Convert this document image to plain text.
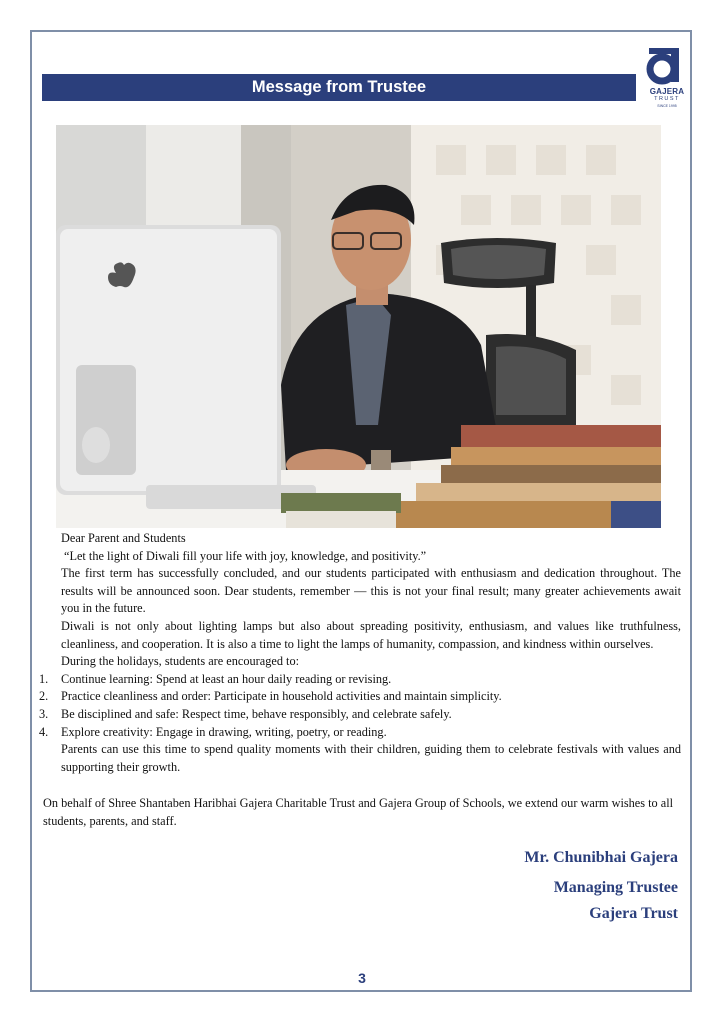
Message from Trustee	GAJERA
TRUST
SINCE 1995

Dear Parent and Students

“Let the light of Diwali fill your life with joy, knowledge, and positivity.”

The first term has successfully concluded, and our students participated with enthusiasm and dedication throughout. The results will be announced soon. Dear students, remember — this is not your final result; many greater achievements await you in the future.

Diwali is not only about lighting lamps but also about spreading positivity, enthusiasm, and values like truthfulness, cleanliness, and cooperation. It is also a time to light the lamps of humanity, compassion, and kindness within ourselves.

During the holidays, students are encouraged to:

1.	Continue learning: Spend at least an hour daily reading or revising.
2.	Practice cleanliness and order: Participate in household activities and maintain simplicity.
3.	Be disciplined and safe: Respect time, behave responsibly, and celebrate safely.
4.	Explore creativity: Engage in drawing, writing, poetry, or reading.

Parents can use this time to spend quality moments with their children, guiding them to celebrate festivals with values and supporting their growth.

On behalf of Shree Shantaben Haribhai Gajera Charitable Trust and Gajera Group of Schools, we extend our warm wishes to all students, parents, and staff.
Mr. Chunibhai Gajera
Managing Trustee
Gajera Trust
3
